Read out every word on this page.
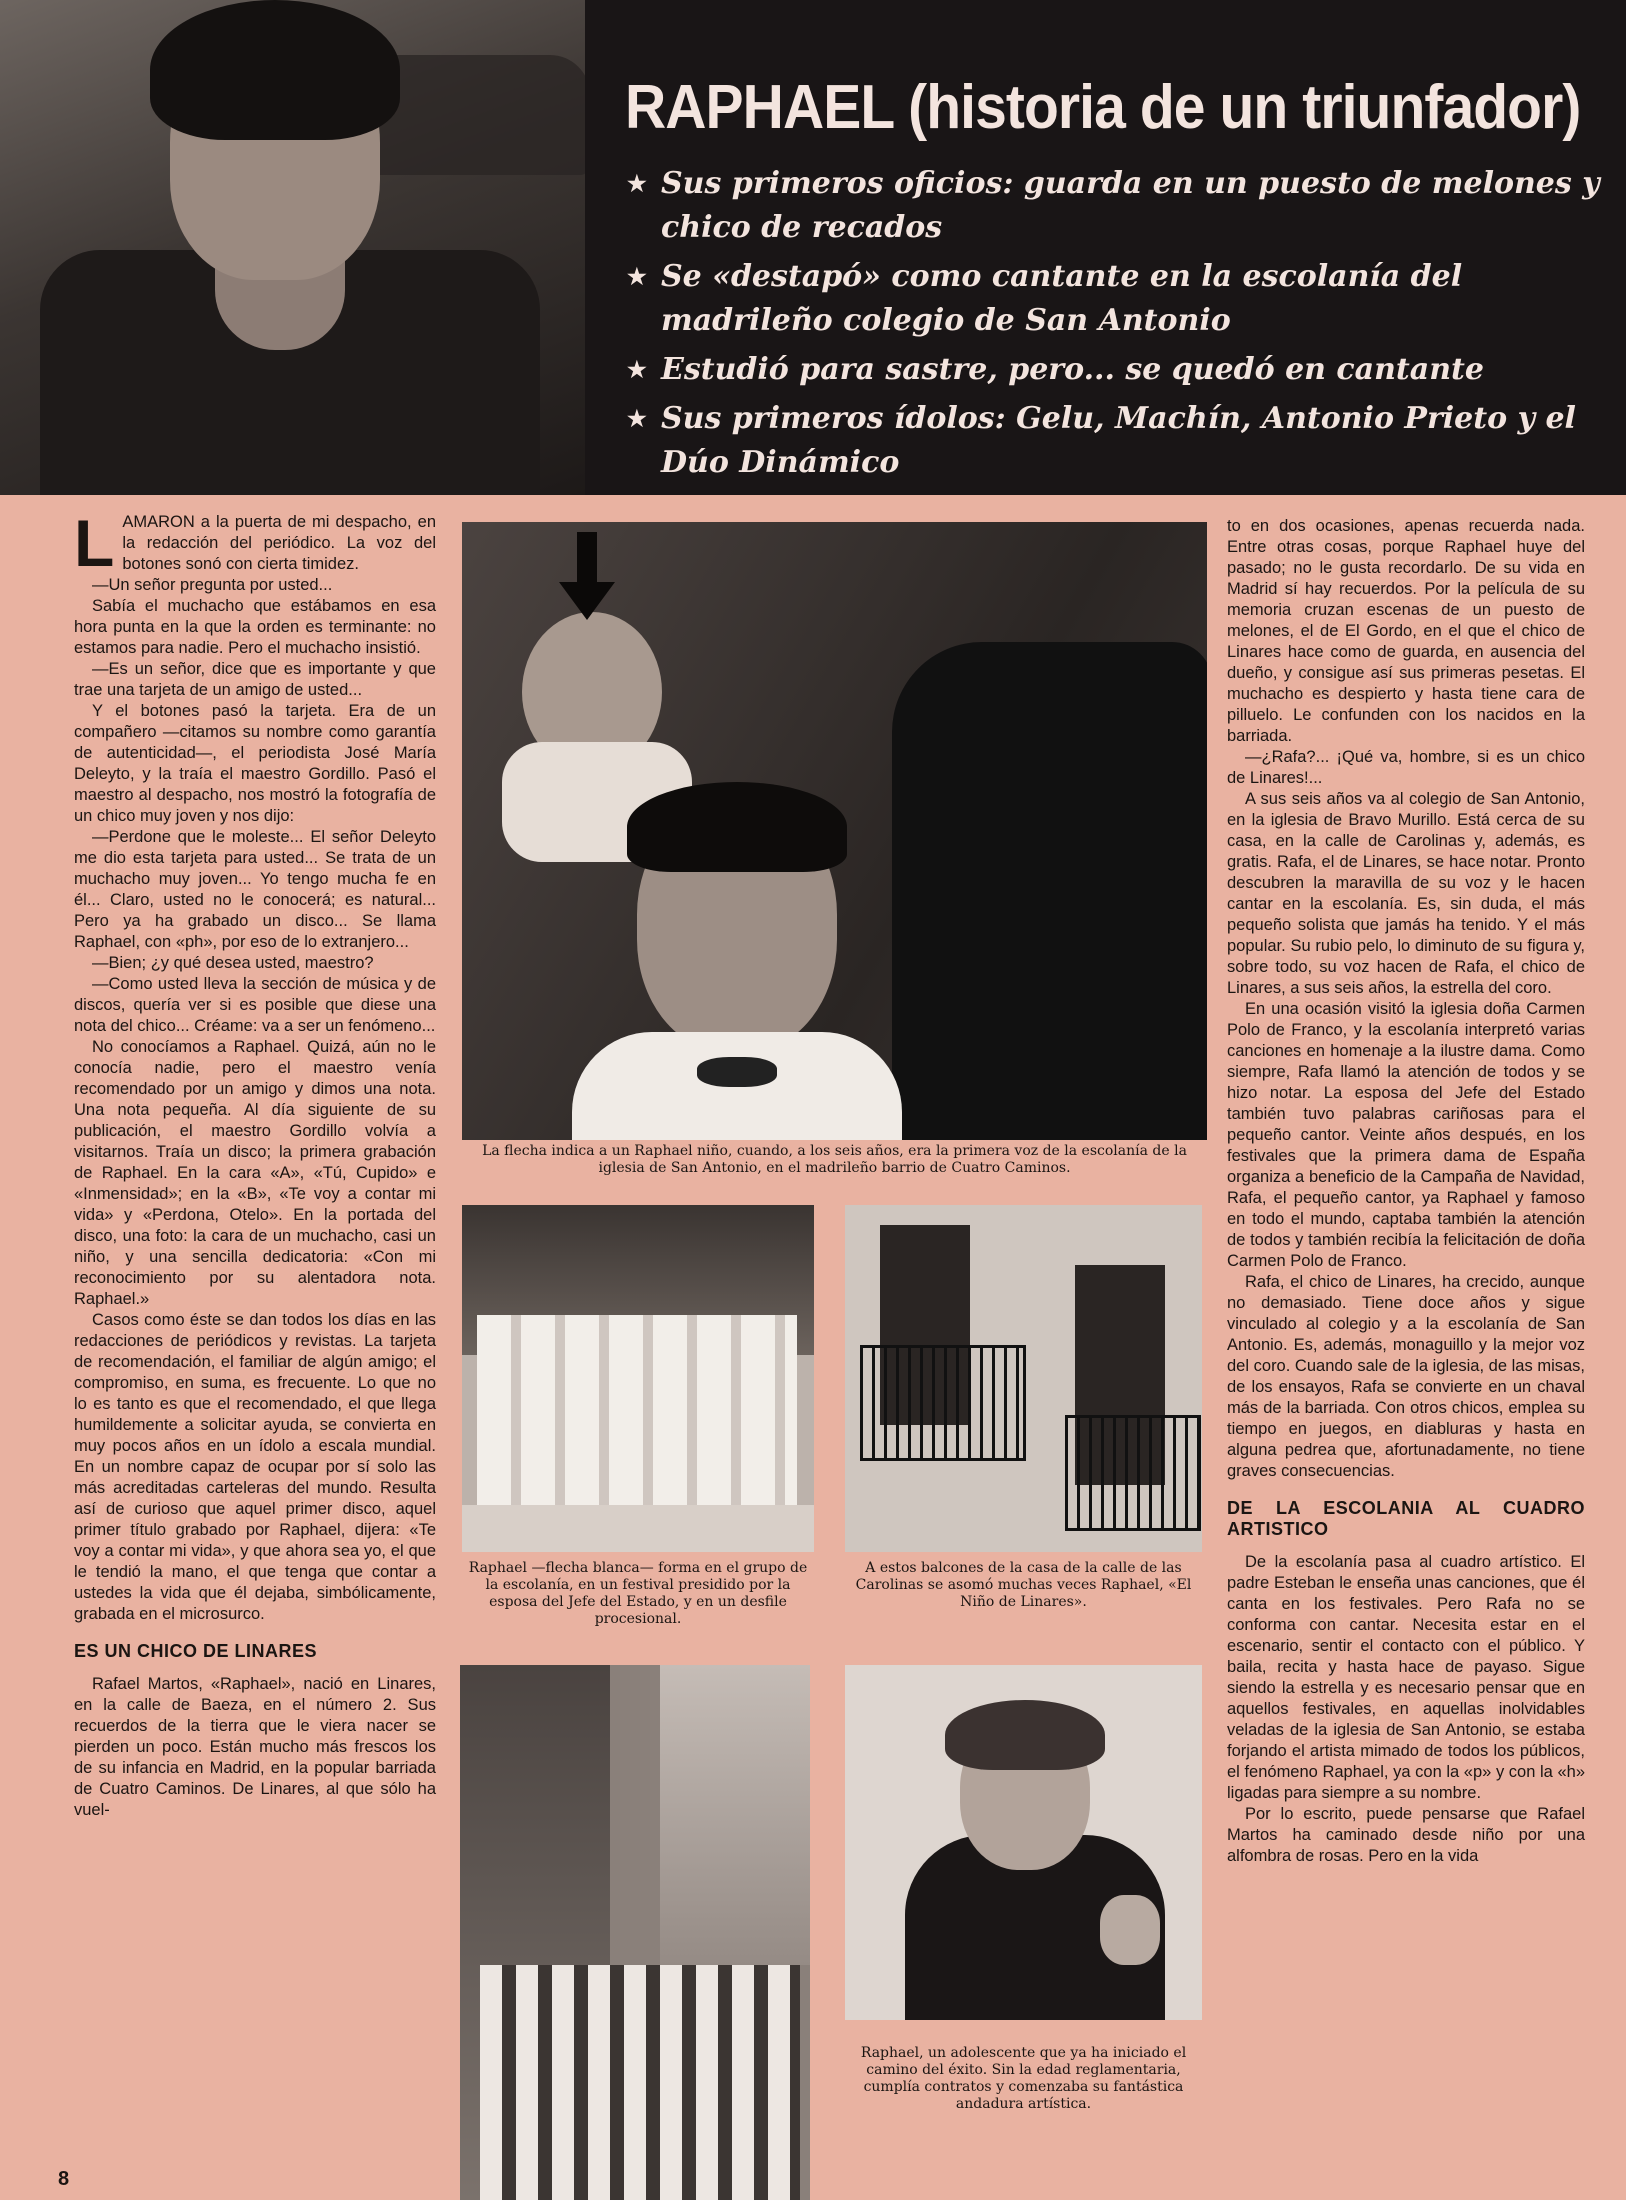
RAPHAEL (historia de un triunfador)
★ Sus primeros oficios: guarda en un puesto de melones y chico de recados
★ Se «destapó» como cantante en la escolanía del madrileño colegio de San Antonio
★ Estudió para sastre, pero... se quedó en cantante
★ Sus primeros ídolos: Gelu, Machín, Antonio Prieto y el Dúo Dinámico

LAMARON a la puerta de mi despacho, en la redacción del periódico. La voz del botones sonó con cierta timidez.

—Un señor pregunta por usted...

Sabía el muchacho que estábamos en esa hora punta en la que la orden es terminante: no estamos para nadie. Pero el muchacho insistió.

—Es un señor, dice que es importante y que trae una tarjeta de un amigo de usted...

Y el botones pasó la tarjeta. Era de un compañero —citamos su nombre como garantía de autenticidad—, el periodista José María Deleyto, y la traía el maestro Gordillo. Pasó el maestro al despacho, nos mostró la fotografía de un chico muy joven y nos dijo:

—Perdone que le moleste... El señor Deleyto me dio esta tarjeta para usted... Se trata de un muchacho muy joven... Yo tengo mucha fe en él... Claro, usted no le conocerá; es natural... Pero ya ha grabado un disco... Se llama Raphael, con «ph», por eso de lo extranjero...

—Bien; ¿y qué desea usted, maestro?

—Como usted lleva la sección de música y de discos, quería ver si es posible que diese una nota del chico... Créame: va a ser un fenómeno...

No conocíamos a Raphael. Quizá, aún no le conocía nadie, pero el maestro venía recomendado por un amigo y dimos una nota. Una nota pequeña. Al día siguiente de su publicación, el maestro Gordillo volvía a visitarnos. Traía un disco; la primera grabación de Raphael. En la cara «A», «Tú, Cupido» e «Inmensidad»; en la «B», «Te voy a contar mi vida» y «Perdona, Otelo». En la portada del disco, una foto: la cara de un muchacho, casi un niño, y una sencilla dedicatoria: «Con mi reconocimiento por su alentadora nota. Raphael.»

Casos como éste se dan todos los días en las redacciones de periódicos y revistas. La tarjeta de recomendación, el familiar de algún amigo; el compromiso, en suma, es frecuente. Lo que no lo es tanto es que el recomendado, el que llega humildemente a solicitar ayuda, se convierta en muy pocos años en un ídolo a escala mundial. En un nombre capaz de ocupar por sí solo las más acreditadas carteleras del mundo. Resulta así de curioso que aquel primer disco, aquel primer título grabado por Raphael, dijera: «Te voy a contar mi vida», y que ahora sea yo, el que le tendió la mano, el que tenga que contar a ustedes la vida que él dejaba, simbólicamente, grabada en el microsurco.

ES UN CHICO DE LINARES

Rafael Martos, «Raphael», nació en Linares, en la calle de Baeza, en el número 2. Sus recuerdos de la tierra que le viera nacer se pierden un poco. Están mucho más frescos los de su infancia en Madrid, en la popular barriada de Cuatro Caminos. De Linares, al que sólo ha vuel-

La flecha indica a un Raphael niño, cuando, a los seis años, era la primera voz de la escolanía de la iglesia de San Antonio, en el madrileño barrio de Cuatro Caminos.
Raphael —flecha blanca— forma en el grupo de la escolanía, en un festival presidido por la esposa del Jefe del Estado, y en un desfile procesional.
A estos balcones de la casa de la calle de las Carolinas se asomó muchas veces Raphael, «El Niño de Linares».
Raphael, un adolescente que ya ha iniciado el camino del éxito. Sin la edad reglamentaria, cumplía contratos y comenzaba su fantástica andadura artística.

to en dos ocasiones, apenas recuerda nada. Entre otras cosas, porque Raphael huye del pasado; no le gusta recordarlo. De su vida en Madrid sí hay recuerdos. Por la película de su memoria cruzan escenas de un puesto de melones, el de El Gordo, en el que el chico de Linares hace como de guarda, en ausencia del dueño, y consigue así sus primeras pesetas. El muchacho es despierto y hasta tiene cara de pilluelo. Le confunden con los nacidos en la barriada.

—¿Rafa?... ¡Qué va, hombre, si es un chico de Linares!...

A sus seis años va al colegio de San Antonio, en la iglesia de Bravo Murillo. Está cerca de su casa, en la calle de Carolinas y, además, es gratis. Rafa, el de Linares, se hace notar. Pronto descubren la maravilla de su voz y le hacen cantar en la escolanía. Es, sin duda, el más pequeño solista que jamás ha tenido. Y el más popular. Su rubio pelo, lo diminuto de su figura y, sobre todo, su voz hacen de Rafa, el chico de Linares, a sus seis años, la estrella del coro.

En una ocasión visitó la iglesia doña Carmen Polo de Franco, y la escolanía interpretó varias canciones en homenaje a la ilustre dama. Como siempre, Rafa llamó la atención de todos y se hizo notar. La esposa del Jefe del Estado también tuvo palabras cariñosas para el pequeño cantor. Veinte años después, en los festivales que la primera dama de España organiza a beneficio de la Campaña de Navidad, Rafa, el pequeño cantor, ya Raphael y famoso en todo el mundo, captaba también la atención de todos y también recibía la felicitación de doña Carmen Polo de Franco.

Rafa, el chico de Linares, ha crecido, aunque no demasiado. Tiene doce años y sigue vinculado al colegio y a la escolanía de San Antonio. Es, además, monaguillo y la mejor voz del coro. Cuando sale de la iglesia, de las misas, de los ensayos, Rafa se convierte en un chaval más de la barriada. Con otros chicos, emplea su tiempo en juegos, en diabluras y hasta en alguna pedrea que, afortunadamente, no tiene graves consecuencias.

DE LA ESCOLANIA AL CUADRO ARTISTICO

De la escolanía pasa al cuadro artístico. El padre Esteban le enseña unas canciones, que él canta en los festivales. Pero Rafa no se conforma con cantar. Necesita estar en el escenario, sentir el contacto con el público. Y baila, recita y hasta hace de payaso. Sigue siendo la estrella y es necesario pensar que en aquellos festivales, en aquellas inolvidables veladas de la iglesia de San Antonio, se estaba forjando el artista mimado de todos los públicos, el fenómeno Raphael, ya con la «p» y con la «h» ligadas para siempre a su nombre.

Por lo escrito, puede pensarse que Rafael Martos ha caminado desde niño por una alfombra de rosas. Pero en la vida

8
